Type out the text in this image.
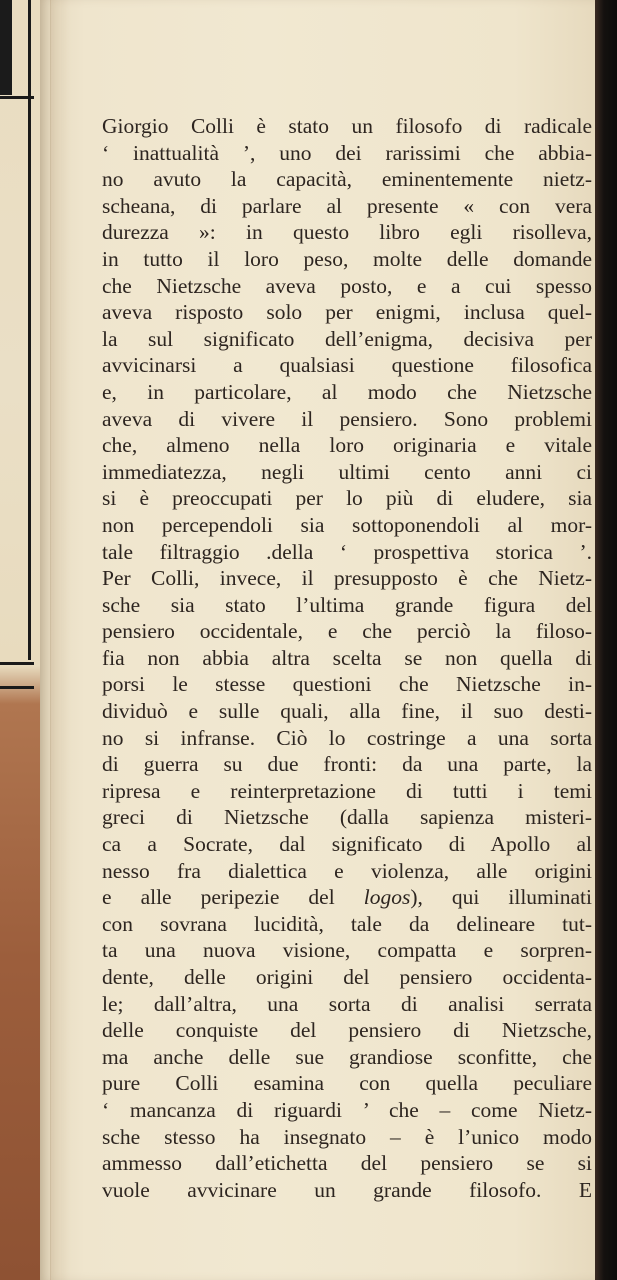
Giorgio Colli è stato un filosofo di radicale
‘ inattualità ’, uno dei rarissimi che abbia-
no avuto la capacità, eminentemente nietz-
scheana, di parlare al presente « con vera
durezza »: in questo libro egli risolleva,
in tutto il loro peso, molte delle domande
che Nietzsche aveva posto, e a cui spesso
aveva risposto solo per enigmi, inclusa quel-
la sul significato dell’enigma, decisiva per
avvicinarsi a qualsiasi questione filosofica
e, in particolare, al modo che Nietzsche
aveva di vivere il pensiero. Sono problemi
che, almeno nella loro originaria e vitale
immediatezza, negli ultimi cento anni ci
si è preoccupati per lo più di eludere, sia
non percependoli sia sottoponendoli al mor-
tale filtraggio .della ‘ prospettiva storica ’.
Per Colli, invece, il presupposto è che Nietz-
sche sia stato l’ultima grande figura del
pensiero occidentale, e che perciò la filoso-
fia non abbia altra scelta se non quella di
porsi le stesse questioni che Nietzsche in-
dividuò e sulle quali, alla fine, il suo desti-
no si infranse. Ciò lo costringe a una sorta
di guerra su due fronti: da una parte, la
ripresa e reinterpretazione di tutti i temi
greci di Nietzsche (dalla sapienza misteri-
ca a Socrate, dal significato di Apollo al
nesso fra dialettica e violenza, alle origini
e alle peripezie del logos), qui illuminati
con sovrana lucidità, tale da delineare tut-
ta una nuova visione, compatta e sorpren-
dente, delle origini del pensiero occidenta-
le; dall’altra, una sorta di analisi serrata
delle conquiste del pensiero di Nietzsche,
ma anche delle sue grandiose sconfitte, che
pure Colli esamina con quella peculiare
‘ mancanza di riguardi ’ che – come Nietz-
sche stesso ha insegnato – è l’unico modo
ammesso dall’etichetta del pensiero se si
vuole avvicinare un grande filosofo. E
